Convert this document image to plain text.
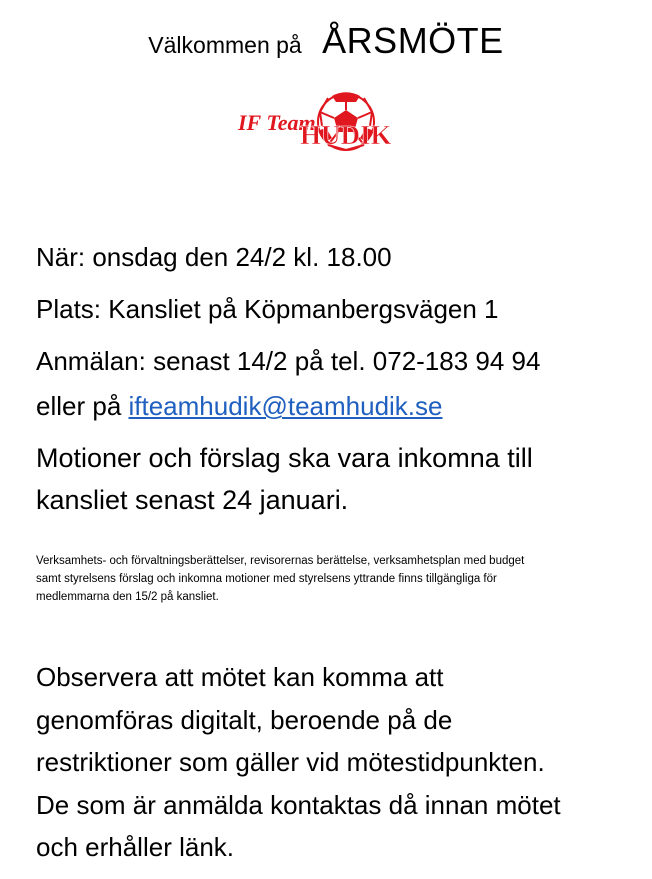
Välkommen på ÅRSMÖTE
IF Team
HUDIK
När: onsdag den 24/2 kl. 18.00
Plats: Kansliet på Köpmanbergsvägen 1
Anmälan: senast 14/2 på tel. 072-183 94 94
eller på ifteamhudik@teamhudik.se
Motioner och förslag ska vara inkomna till
kansliet senast 24 januari.
Verksamhets- och förvaltningsberättelser, revisorernas berättelse, verksamhetsplan med budget
samt styrelsens förslag och inkomna motioner med styrelsens yttrande finns tillgängliga för
medlemmarna den 15/2 på kansliet.
Observera att mötet kan komma att
genomföras digitalt, beroende på de
restriktioner som gäller vid mötestidpunkten.
De som är anmälda kontaktas då innan mötet
och erhåller länk.
